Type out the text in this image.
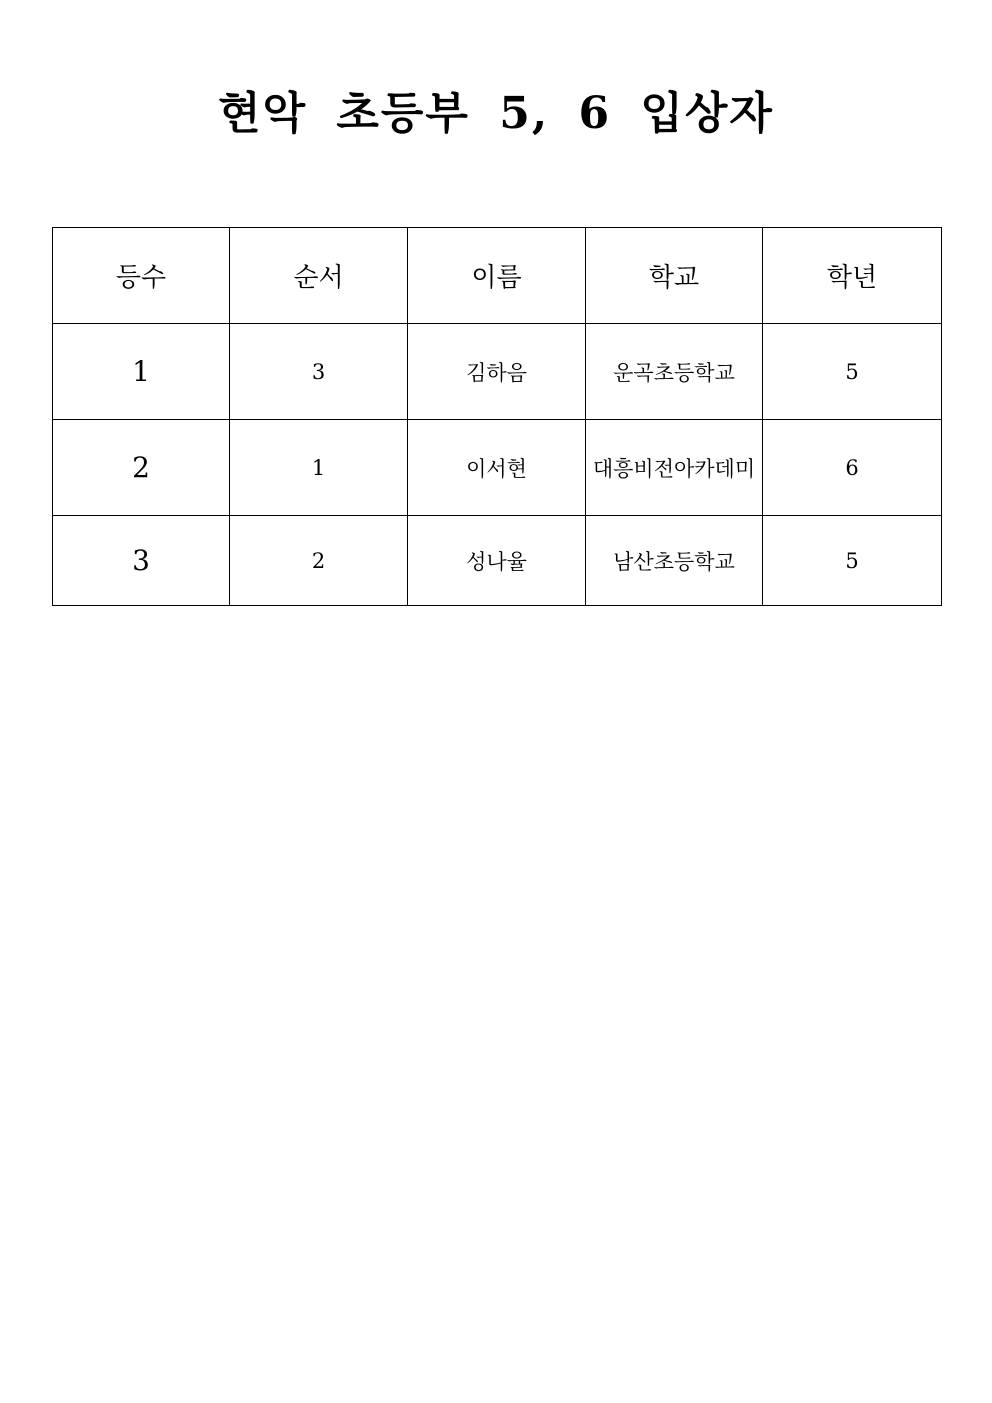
현악 초등부 5, 6 입상자
등수	순서	이름	학교	학년
1	3	김하음	운곡초등학교	5
2	1	이서현	대흥비전아카데미	6
3	2	성나율	남산초등학교	5
